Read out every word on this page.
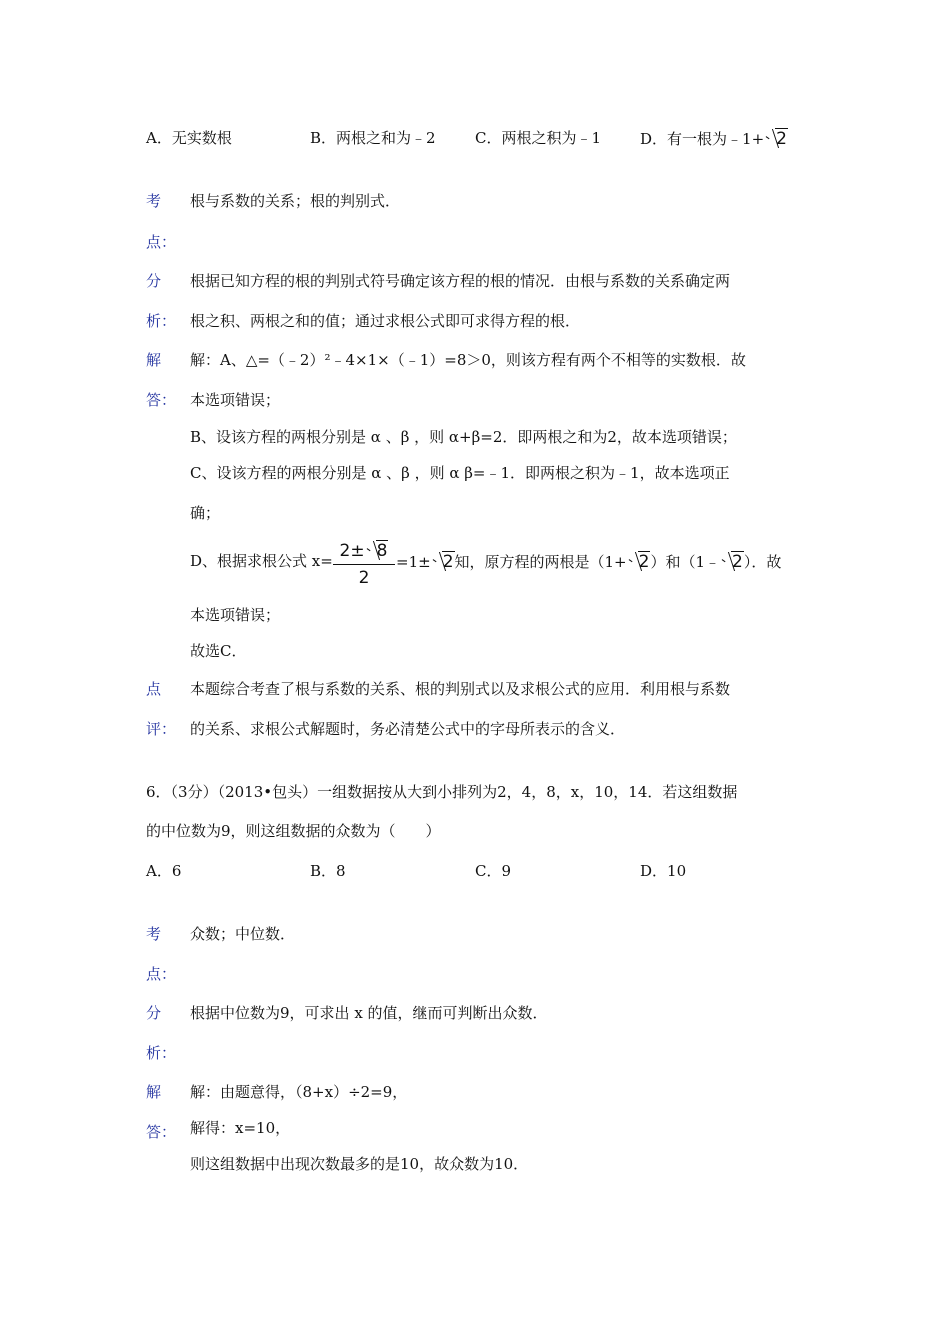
A．无实数根	B．两根之和为﹣2	C．两根之积为﹣1	D．有一根为﹣1+ 2
考 根与系数的关系；根的判别式．
点：
分 根据已知方程的根的判别式符号确定该方程的根的情况．由根与系数的关系确定两
析： 根之积、两根之和的值；通过求根公式即可求得方程的根．
解 解：A、△=（﹣2）²﹣4×1×（﹣1）=8＞0，则该方程有两个不相等的实数根．故
答： 本选项错误；
B、设该方程的两根分别是 α 、β ，则 α+β=2．即两根之和为2，故本选项错误；
C、设该方程的两根分别是 α 、β ，则 α β=﹣1．即两根之积为﹣1，故本选项正
确；
D、根据求根公式 x= 2± 8
2
=1± 2知，原方程的两根是（1+ 2）和（1﹣ 2）．故
本选项错误；
故选C．
点 本题综合考查了根与系数的关系、根的判别式以及求根公式的应用．利用根与系数
评： 的关系、求根公式解题时，务必清楚公式中的字母所表示的含义．
6．（3分）（2013•包头）一组数据按从大到小排列为2，4，8，x，10，14．若这组数据
的中位数为9，则这组数据的众数为（　　）
A．6	B．8	C．9	D．10
考 众数；中位数．
点：
分 根据中位数为9，可求出 x 的值，继而可判断出众数．
析：
解 解：由题意得，（8+x）÷2=9，
答： 解得：x=10，
则这组数据中出现次数最多的是10，故众数为10．
